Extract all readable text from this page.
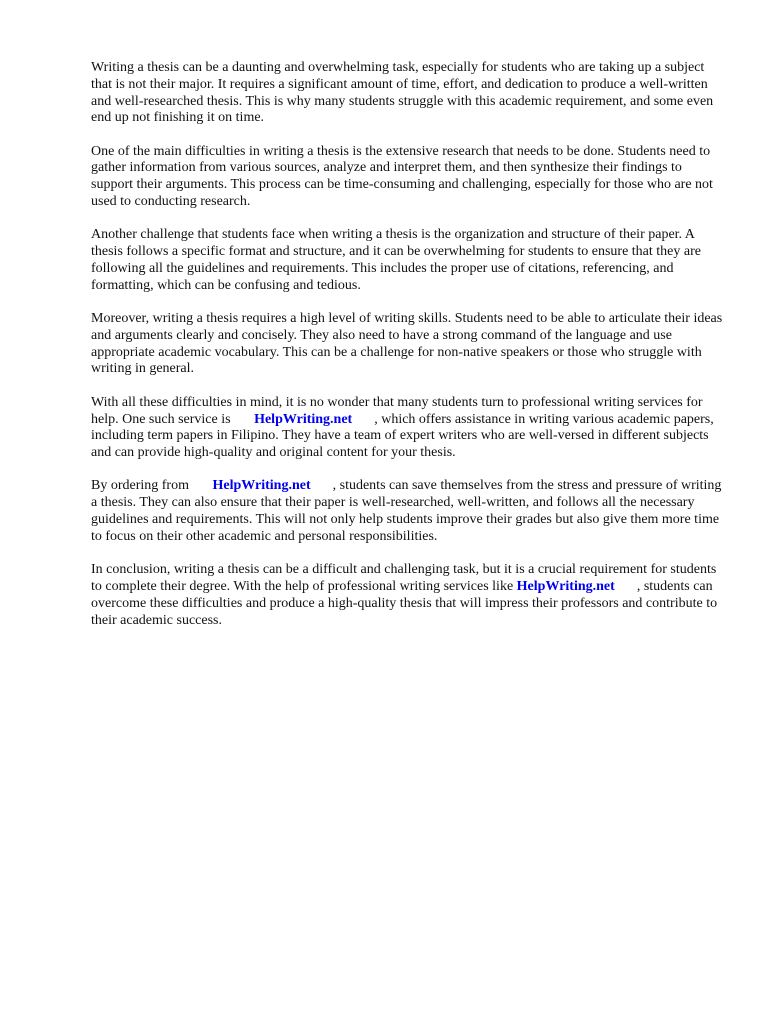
Writing a thesis can be a daunting and overwhelming task, especially for students who are taking up a subject that is not their major. It requires a significant amount of time, effort, and dedication to produce a well-written and well-researched thesis. This is why many students struggle with this academic requirement, and some even end up not finishing it on time.

One of the main difficulties in writing a thesis is the extensive research that needs to be done. Students need to gather information from various sources, analyze and interpret them, and then synthesize their findings to support their arguments. This process can be time-consuming and challenging, especially for those who are not used to conducting research.

Another challenge that students face when writing a thesis is the organization and structure of their paper. A thesis follows a specific format and structure, and it can be overwhelming for students to ensure that they are following all the guidelines and requirements. This includes the proper use of citations, referencing, and formatting, which can be confusing and tedious.

Moreover, writing a thesis requires a high level of writing skills. Students need to be able to articulate their ideas and arguments clearly and concisely. They also need to have a strong command of the language and use appropriate academic vocabulary. This can be a challenge for non-native speakers or those who struggle with writing in general.

With all these difficulties in mind, it is no wonder that many students turn to professional writing services for help. One such service is HelpWriting.net , which offers assistance in writing various academic papers, including term papers in Filipino. They have a team of expert writers who are well-versed in different subjects and can provide high-quality and original content for your thesis.

By ordering from HelpWriting.net , students can save themselves from the stress and pressure of writing a thesis. They can also ensure that their paper is well-researched, well-written, and follows all the necessary guidelines and requirements. This will not only help students improve their grades but also give them more time to focus on their other academic and personal responsibilities.

In conclusion, writing a thesis can be a difficult and challenging task, but it is a crucial requirement for students to complete their degree. With the help of professional writing services like HelpWriting.net , students can overcome these difficulties and produce a high-quality thesis that will impress their professors and contribute to their academic success.
